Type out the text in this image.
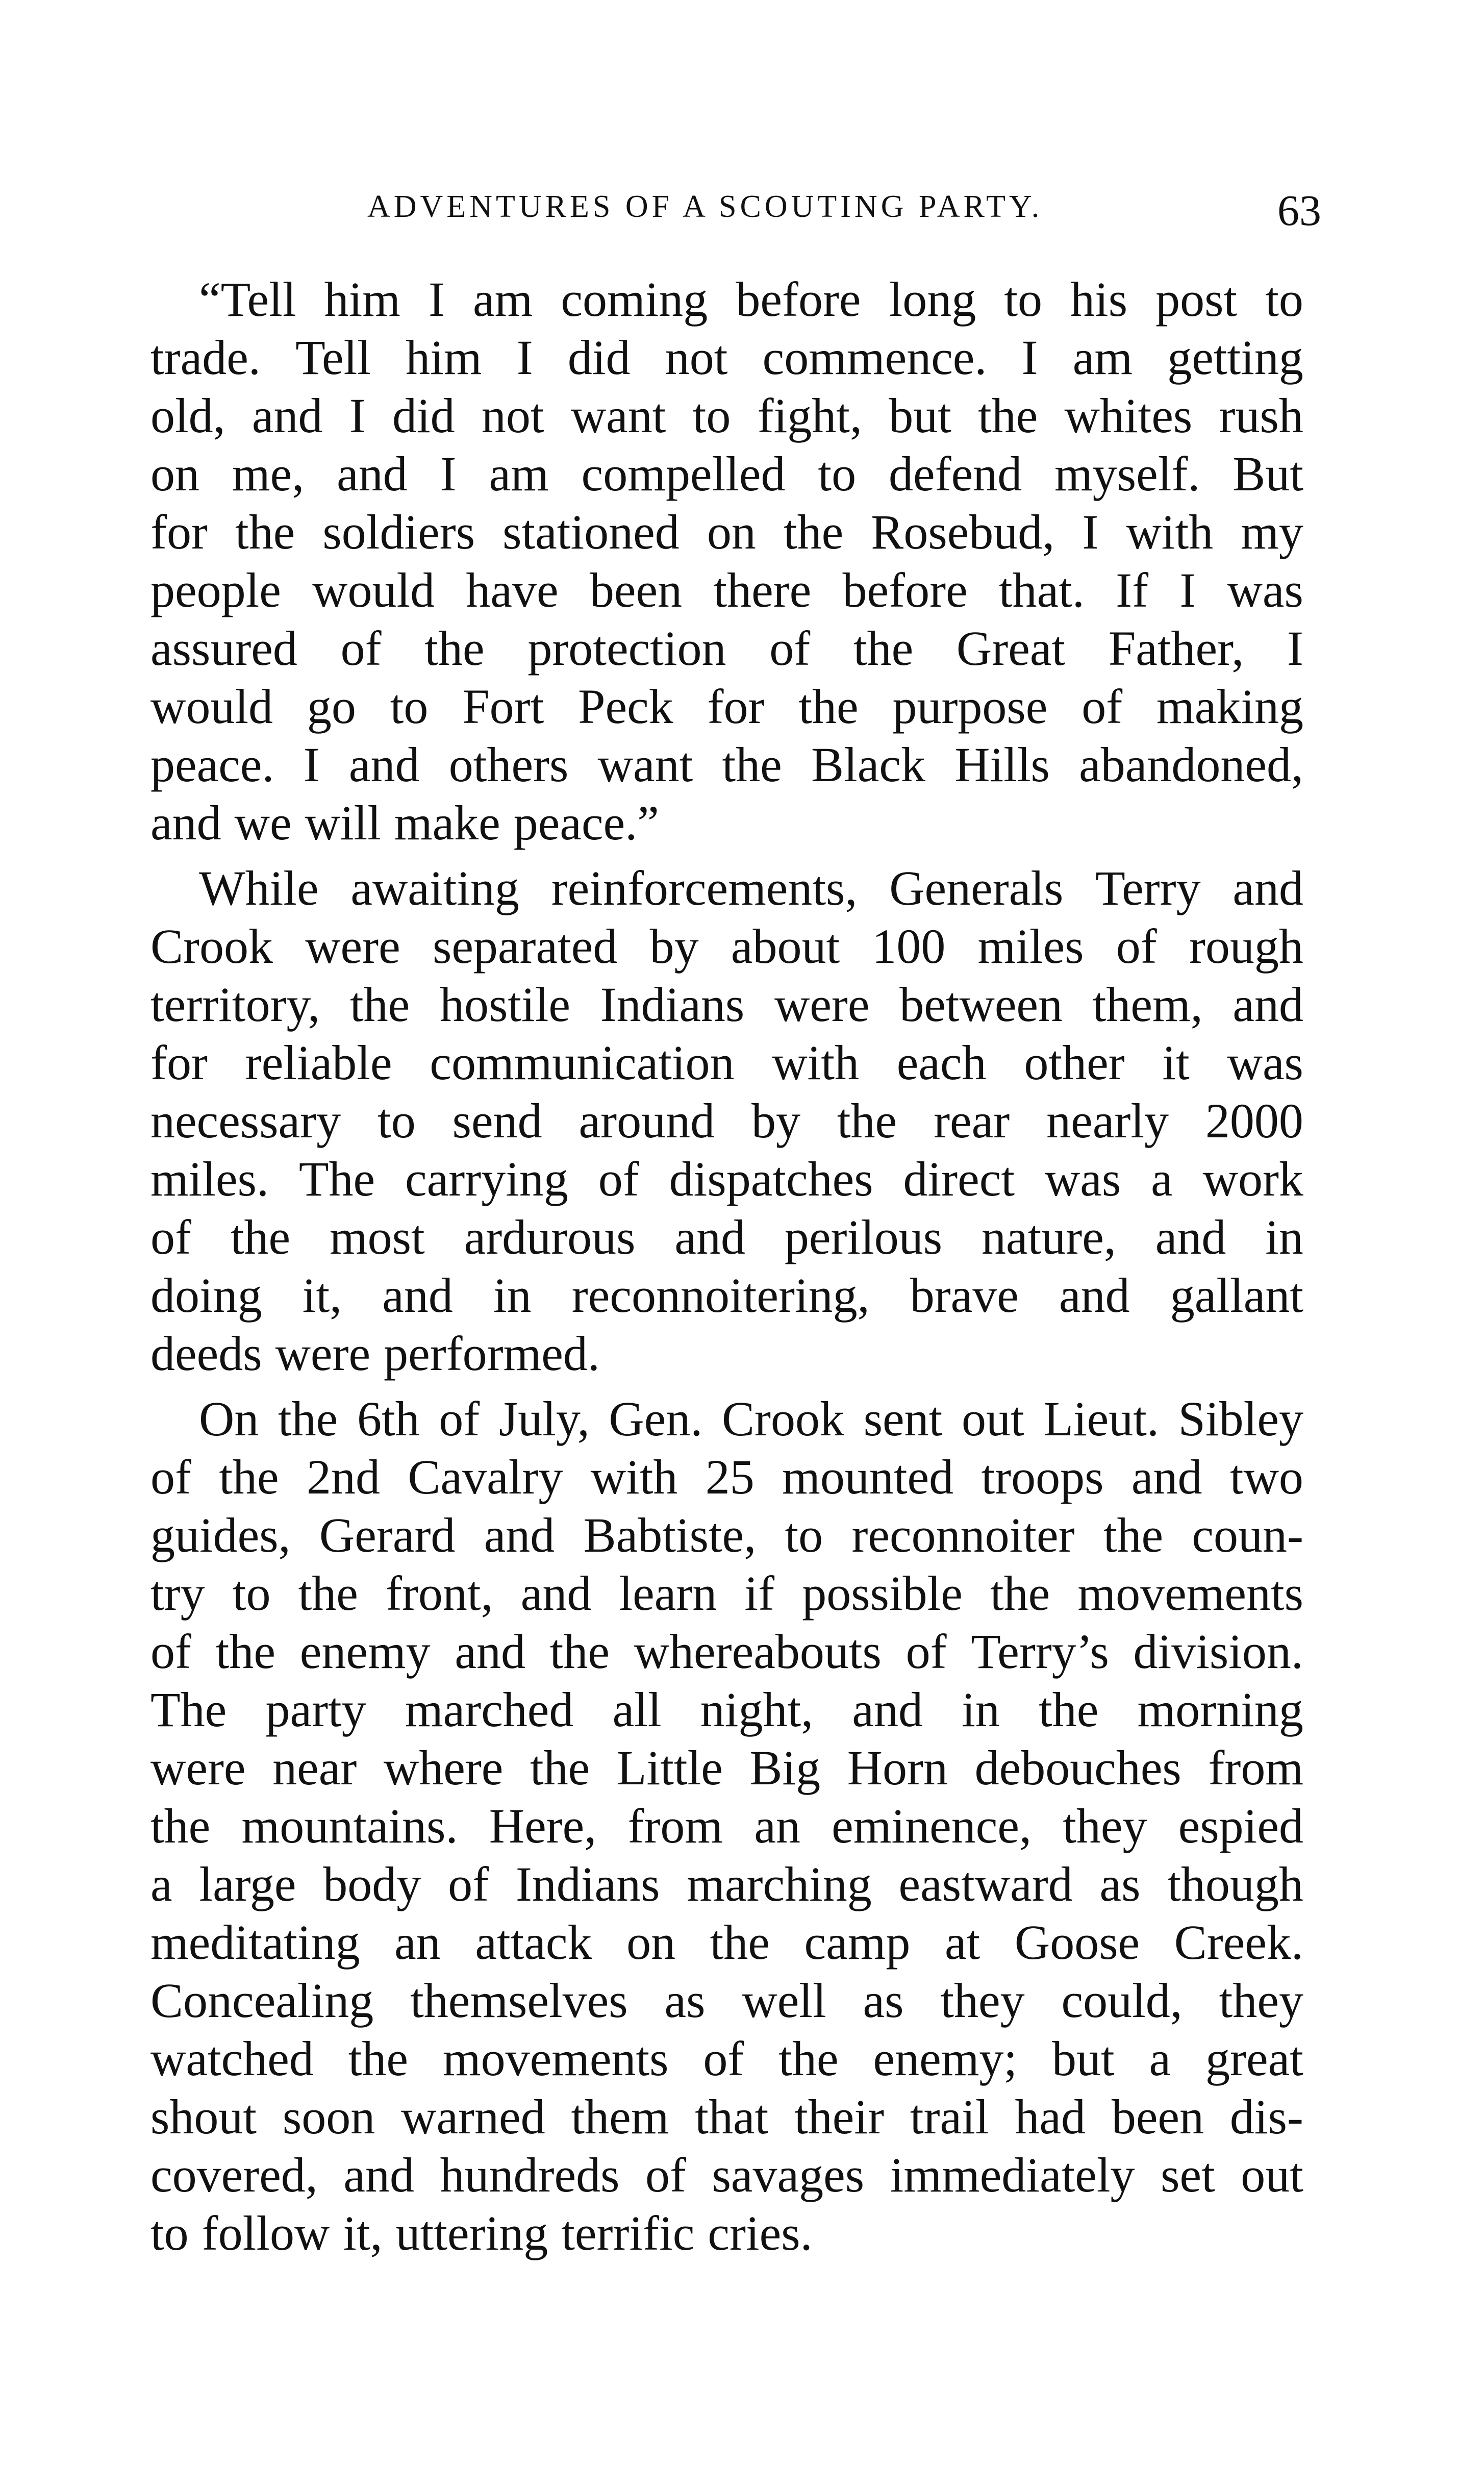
ADVENTURES OF A SCOUTING PARTY.	63
“Tell him I am coming before long to his post to
trade. Tell him I did not commence. I am getting
old, and I did not want to fight, but the whites rush
on me, and I am compelled to defend myself. But
for the soldiers stationed on the Rosebud, I with my
people would have been there before that. If I was
assured of the protection of the Great Father, I
would go to Fort Peck for the purpose of making
peace. I and others want the Black Hills abandoned,
and we will make peace.”
While awaiting reinforcements, Generals Terry and
Crook were separated by about 100 miles of rough
territory, the hostile Indians were between them, and
for reliable communication with each other it was
necessary to send around by the rear nearly 2000
miles. The carrying of dispatches direct was a work
of the most ardurous and perilous nature, and in
doing it, and in reconnoitering, brave and gallant
deeds were performed.
On the 6th of July, Gen. Crook sent out Lieut. Sibley
of the 2nd Cavalry with 25 mounted troops and two
guides, Gerard and Babtiste, to reconnoiter the coun-
try to the front, and learn if possible the movements
of the enemy and the whereabouts of Terry’s division.
The party marched all night, and in the morning
were near where the Little Big Horn debouches from
the mountains. Here, from an eminence, they espied
a large body of Indians marching eastward as though
meditating an attack on the camp at Goose Creek.
Concealing themselves as well as they could, they
watched the movements of the enemy; but a great
shout soon warned them that their trail had been dis-
covered, and hundreds of savages immediately set out
to follow it, uttering terrific cries.
